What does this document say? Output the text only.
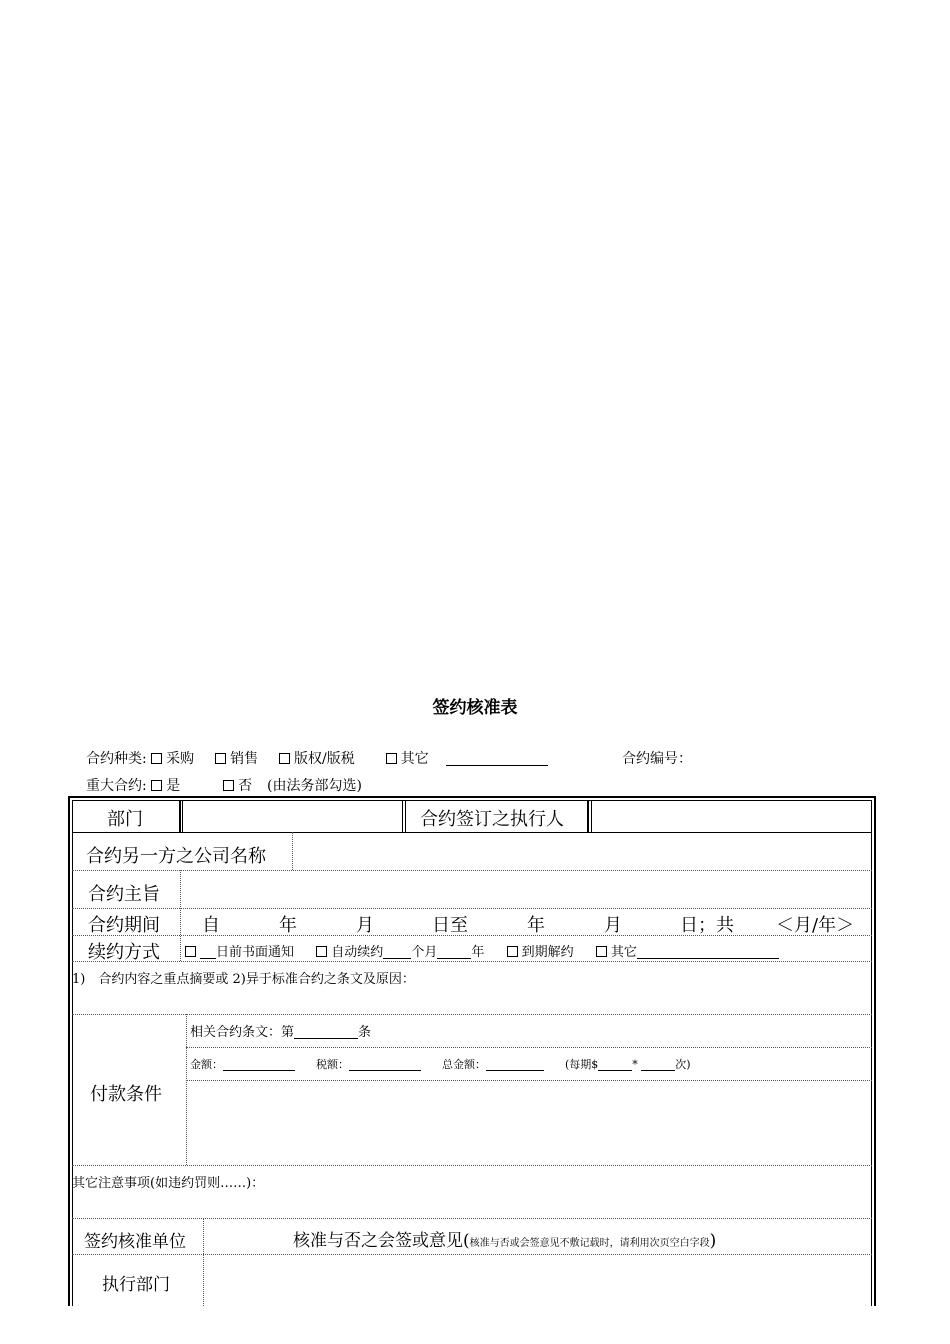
签约核准表
合约种类: 采购	销售	版权/版税	其它	合约编号：
重大合约: 是	否 (由法务部勾选)
部门	合约签订之执行人
合约另一方之公司名称
合约主旨
合约期间 自	年	月	日至	年	月	日；共 ＜月/年＞
续约方式	日前书面通知	自动续约 个月	年	到期解约	其它
1)　合约内容之重点摘要或 2)异于标准合约之条文及原因：
付款条件
相关合约条文：第	条
金额：	税额：	总金额：	(每期$	*	次)
其它注意事项(如违约罚则……)：
签约核准单位	核准与否之会签或意见(核准与否或会签意见不敷记载时，请利用次页空白字段)
执行部门
